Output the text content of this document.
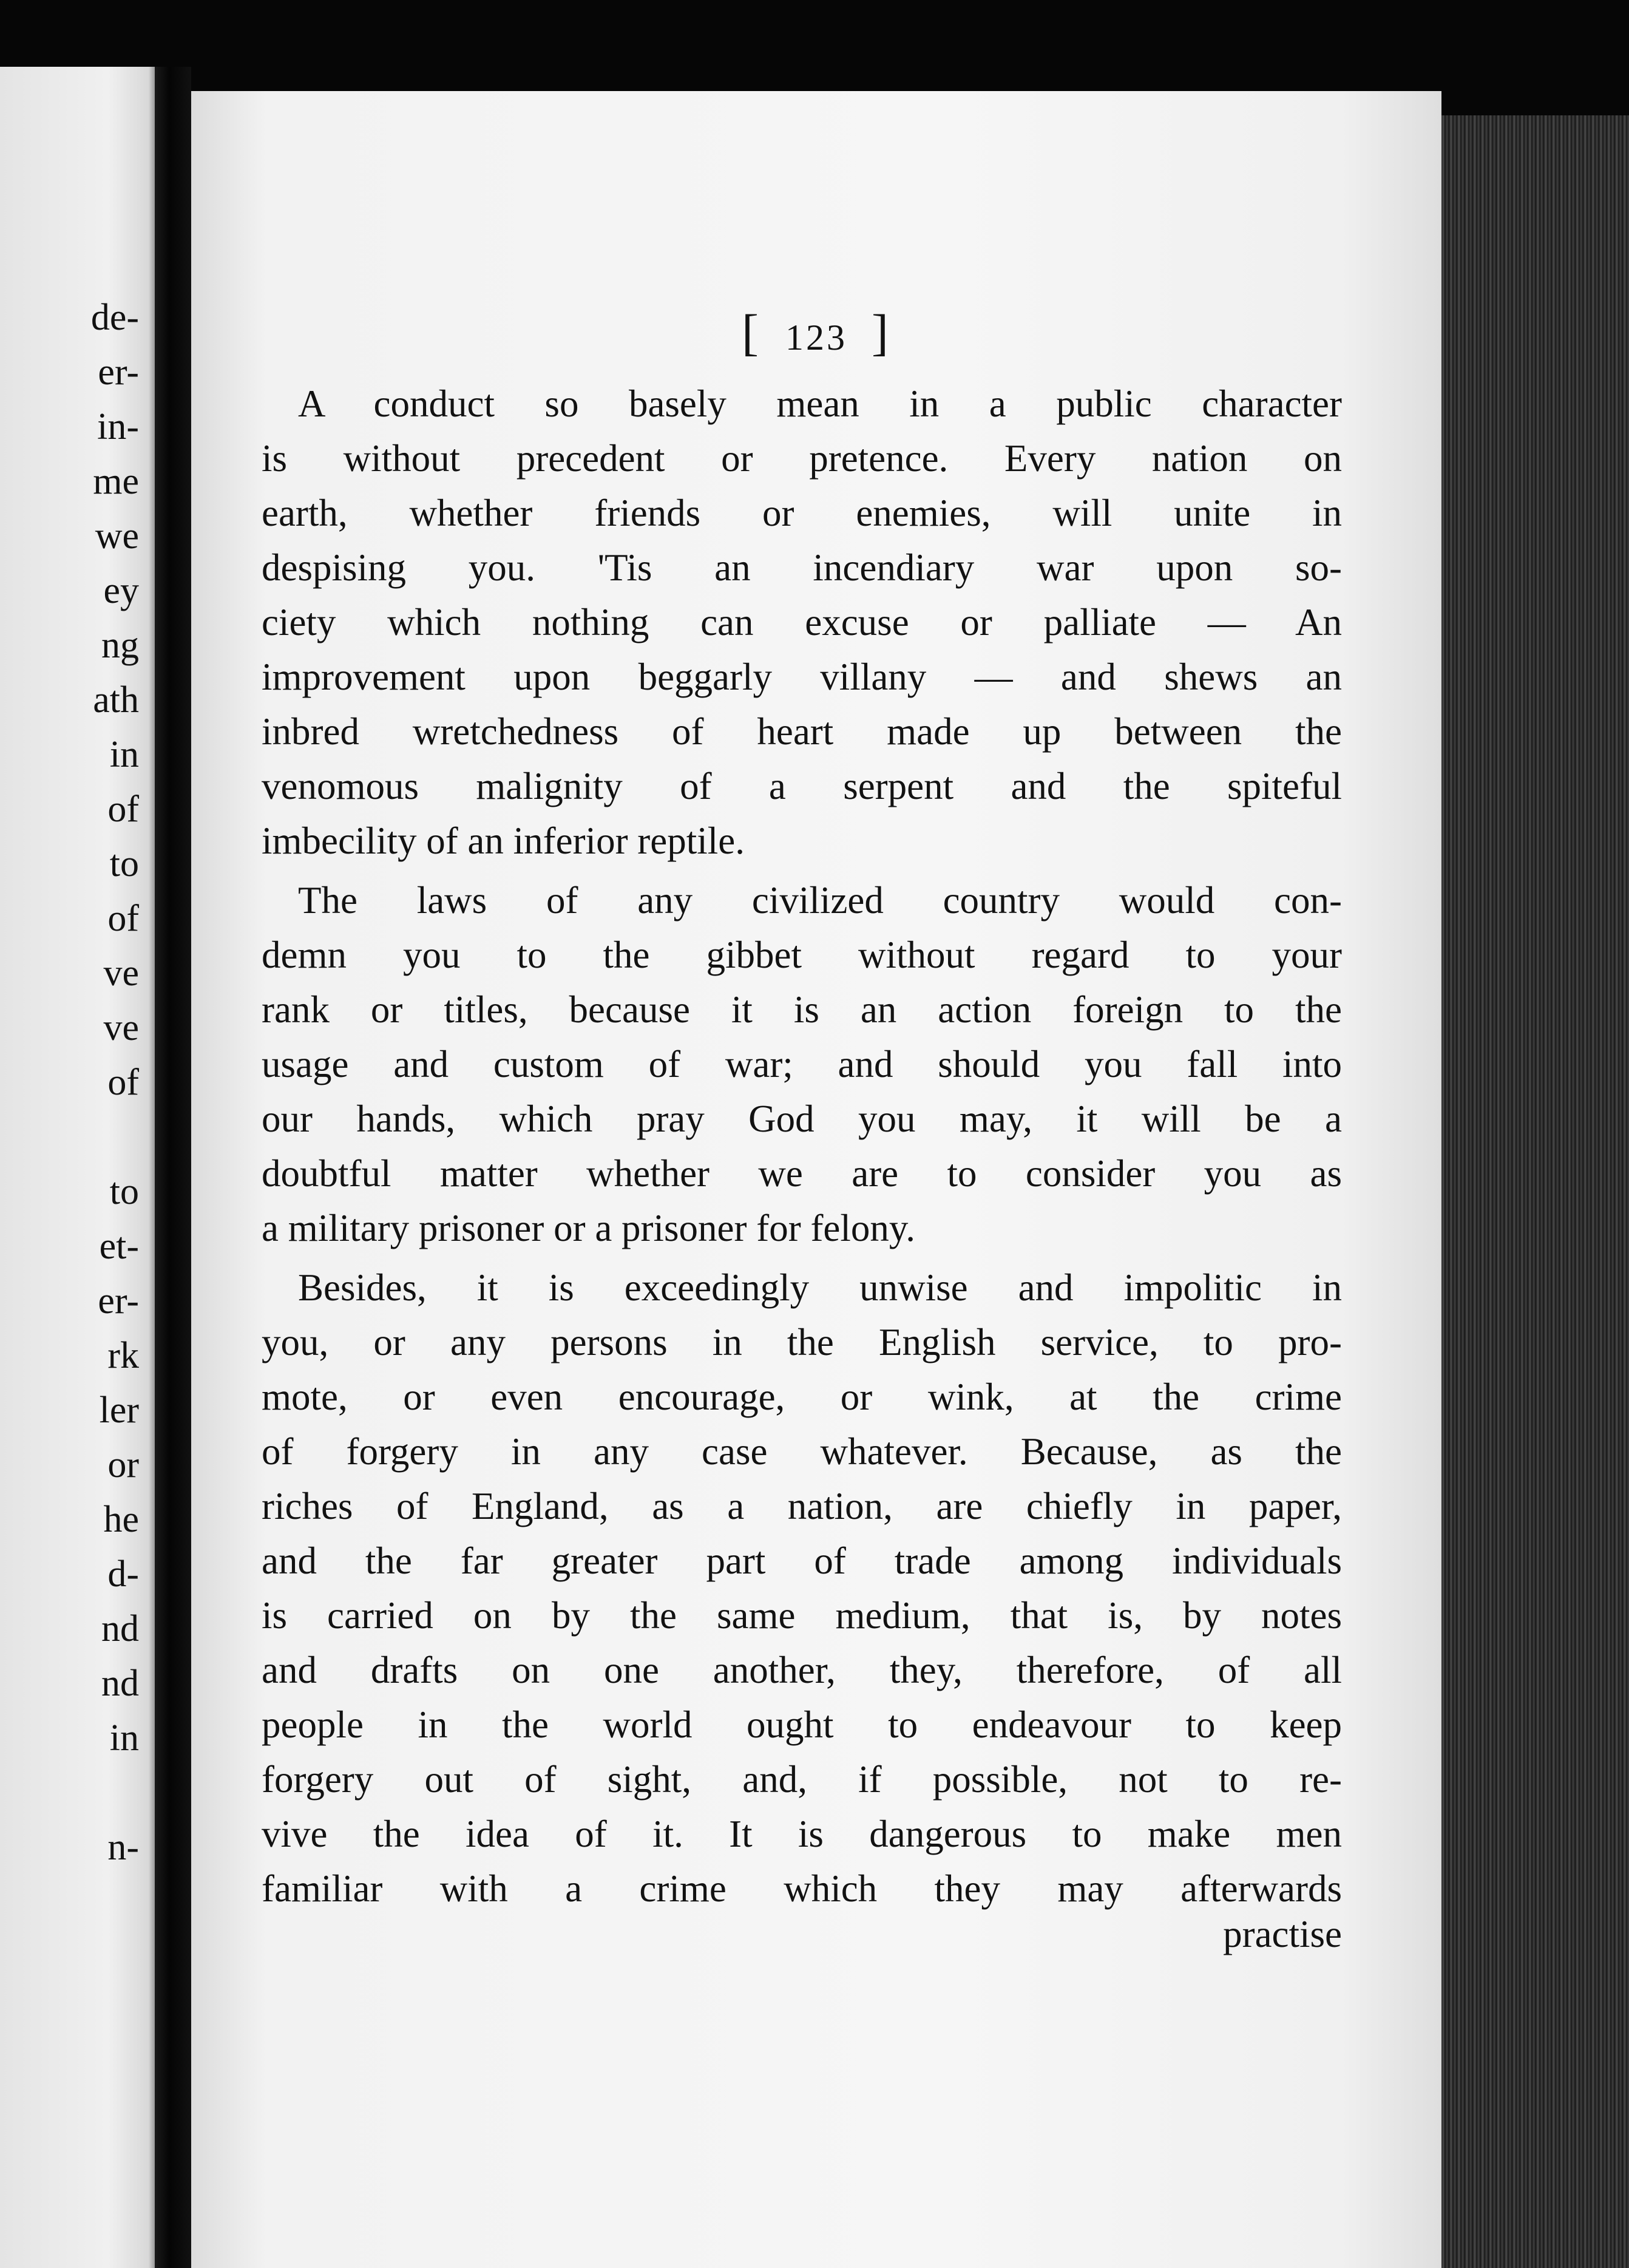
de-
er-
in-
me
we
ey
ng
ath
in
of
to
of
ve
ve
of
to
et-
er-
rk
ler
or
he
d-
nd
nd
in
n-
[ 123 ]
A conduct so basely mean in a public character
is without precedent or pretence. Every nation on
earth, whether friends or enemies, will unite in
despising you. 'Tis an incendiary war upon so-
ciety which nothing can excuse or palliate — An
improvement upon beggarly villany — and shews an
inbred wretchedness of heart made up between the
venomous malignity of a serpent and the spiteful
imbecility of an inferior reptile.
The laws of any civilized country would con-
demn you to the gibbet without regard to your
rank or titles, because it is an action foreign to the
usage and custom of war; and should you fall into
our hands, which pray God you may, it will be a
doubtful matter whether we are to consider you as
a military prisoner or a prisoner for felony.
Besides, it is exceedingly unwise and impolitic in
you, or any persons in the English service, to pro-
mote, or even encourage, or wink, at the crime
of forgery in any case whatever. Because, as the
riches of England, as a nation, are chiefly in paper,
and the far greater part of trade among individuals
is carried on by the same medium, that is, by notes
and drafts on one another, they, therefore, of all
people in the world ought to endeavour to keep
forgery out of sight, and, if possible, not to re-
vive the idea of it. It is dangerous to make men
familiar with a crime which they may afterwards
practise
